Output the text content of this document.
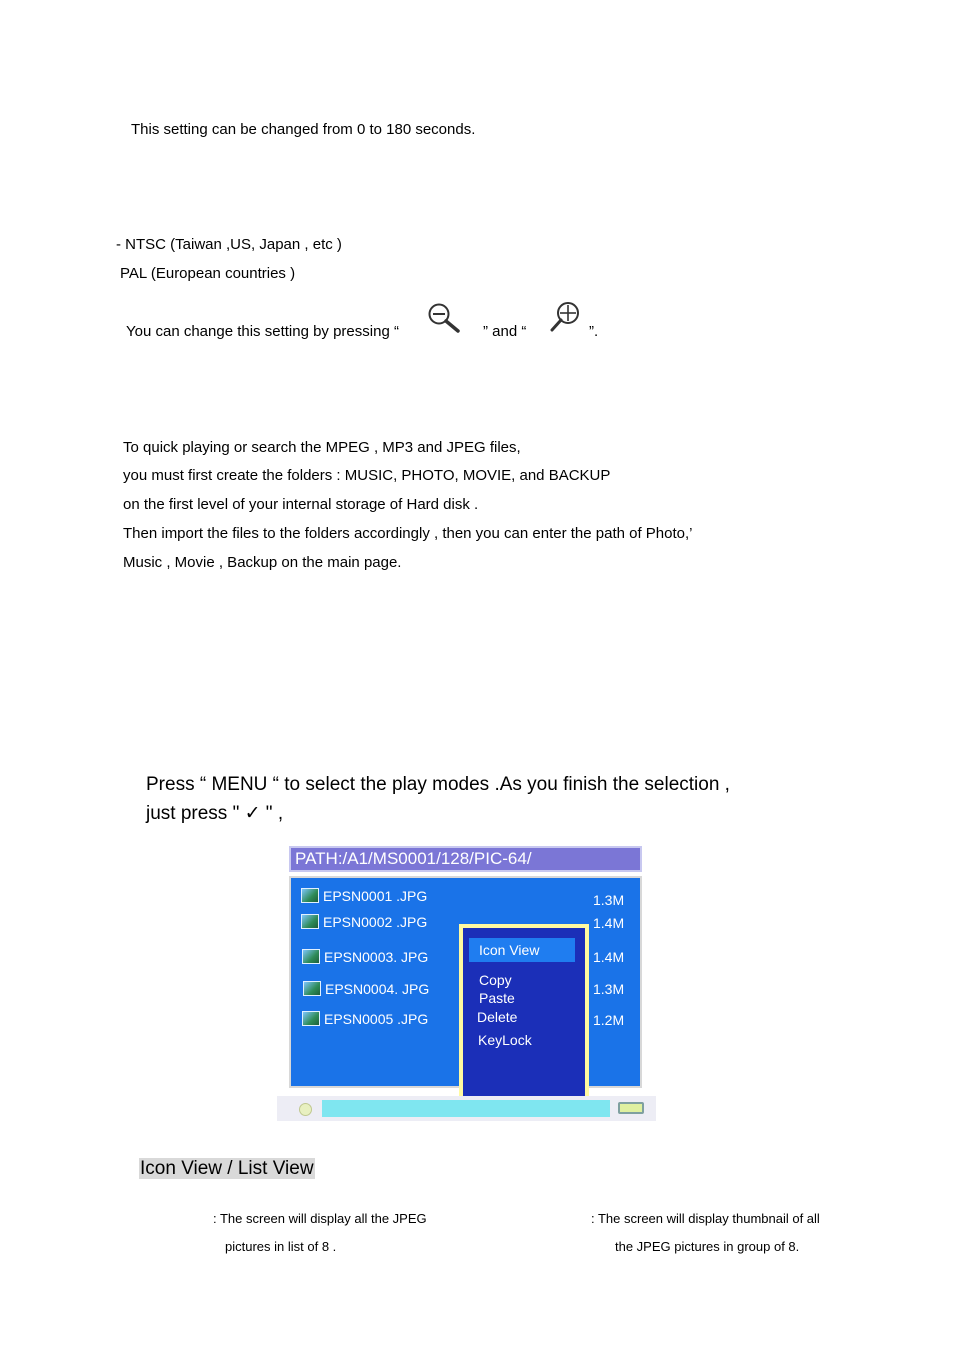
This setting can be changed from 0 to 180 seconds.
- NTSC (Taiwan ,US, Japan , etc )
PAL (European countries )
You can change this setting by pressing “	” and “	”.
To quick playing or search the MPEG , MP3 and JPEG files,
you must first create the folders : MUSIC, PHOTO, MOVIE, and BACKUP
on the first level of your internal storage of Hard disk .
Then import the files to the folders accordingly , then you can enter the path of Photo,’
Music , Movie , Backup on the main page.
Press “ MENU “ to select the play modes .As you finish the selection ,
just press " ✓ " ,
PATH:/A1/MS0001/128/PIC-64/
EPSN0001 .JPG
EPSN0002 .JPG
EPSN0003. JPG
EPSN0004. JPG
EPSN0005 .JPG
1.3M
1.4M
1.4M
1.3M
1.2M
Icon View
Copy
Paste
Delete
KeyLock
Icon View / List View
: The screen will display all the JPEG
pictures in list of 8 .
: The screen will display thumbnail of all
the JPEG pictures in group of 8.
